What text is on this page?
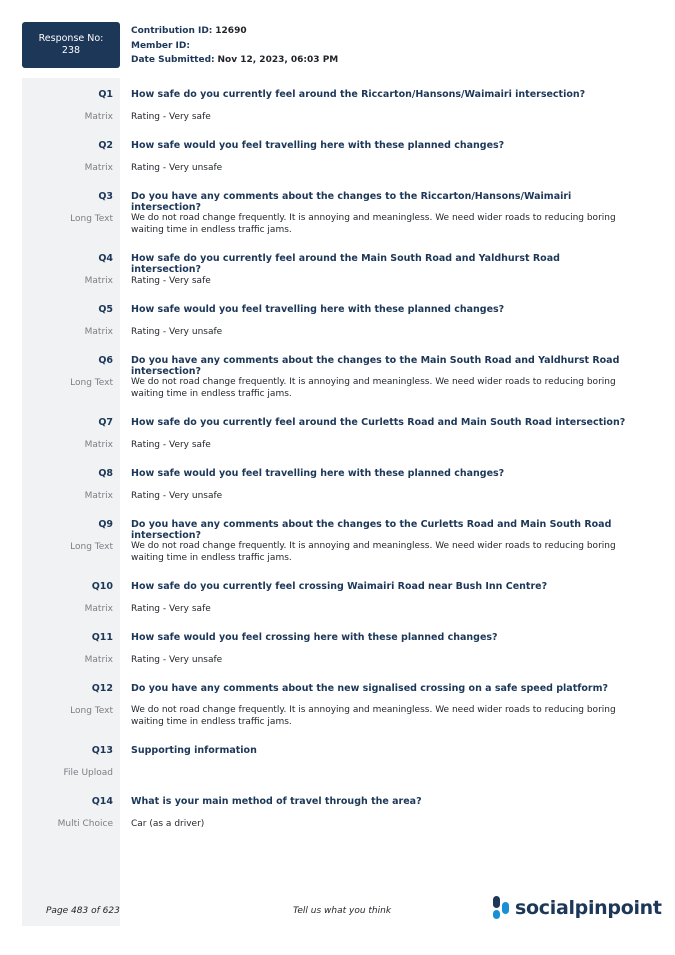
Response No:
238
Contribution ID: 12690
Member ID:
Date Submitted: Nov 12, 2023, 06:03 PM
Q1 How safe do you currently feel around the Riccarton/Hansons/Waimairi intersection?
Matrix Rating - Very safe
Q2 How safe would you feel travelling here with these planned changes?
Matrix Rating - Very unsafe
Q3 Do you have any comments about the changes to the Riccarton/Hansons/Waimairi intersection?
Long Text We do not road change frequently. It is annoying and meaningless. We need wider roads to reducing boring waiting time in endless traffic jams.
Q4 How safe do you currently feel around the Main South Road and Yaldhurst Road intersection?
Matrix Rating - Very safe
Q5 How safe would you feel travelling here with these planned changes?
Matrix Rating - Very unsafe
Q6 Do you have any comments about the changes to the Main South Road and Yaldhurst Road intersection?
Long Text We do not road change frequently. It is annoying and meaningless. We need wider roads to reducing boring waiting time in endless traffic jams.
Q7 How safe do you currently feel around the Curletts Road and Main South Road intersection?
Matrix Rating - Very safe
Q8 How safe would you feel travelling here with these planned changes?
Matrix Rating - Very unsafe
Q9 Do you have any comments about the changes to the Curletts Road and Main South Road intersection?
Long Text We do not road change frequently. It is annoying and meaningless. We need wider roads to reducing boring waiting time in endless traffic jams.
Q10 How safe do you currently feel crossing Waimairi Road near Bush Inn Centre?
Matrix Rating - Very safe
Q11 How safe would you feel crossing here with these planned changes?
Matrix Rating - Very unsafe
Q12 Do you have any comments about the new signalised crossing on a safe speed platform?
Long Text We do not road change frequently. It is annoying and meaningless. We need wider roads to reducing boring waiting time in endless traffic jams.
Q13 Supporting information
File Upload
Q14 What is your main method of travel through the area?
Multi Choice Car (as a driver)
Page 483 of 623	Tell us what you think	socialpinpoint
